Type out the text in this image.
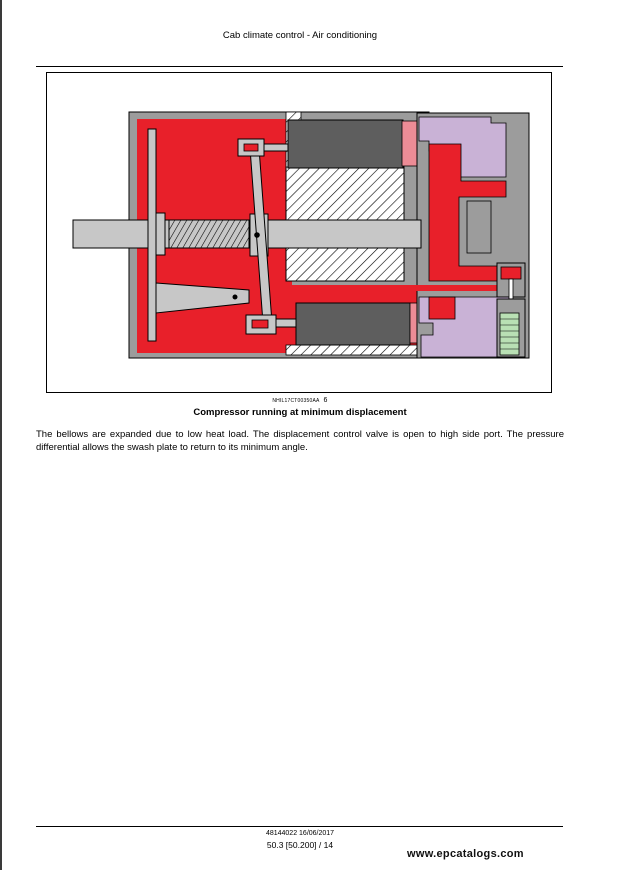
Cab climate control - Air conditioning
NHIL17CT00350AA 6
Compressor running at minimum displacement
The bellows are expanded due to low heat load. The displacement control valve is open to high side port. The pressure differential allows the swash plate to return to its minimum angle.
48144022 16/06/2017
50.3 [50.200] / 14
www.epcatalogs.com
